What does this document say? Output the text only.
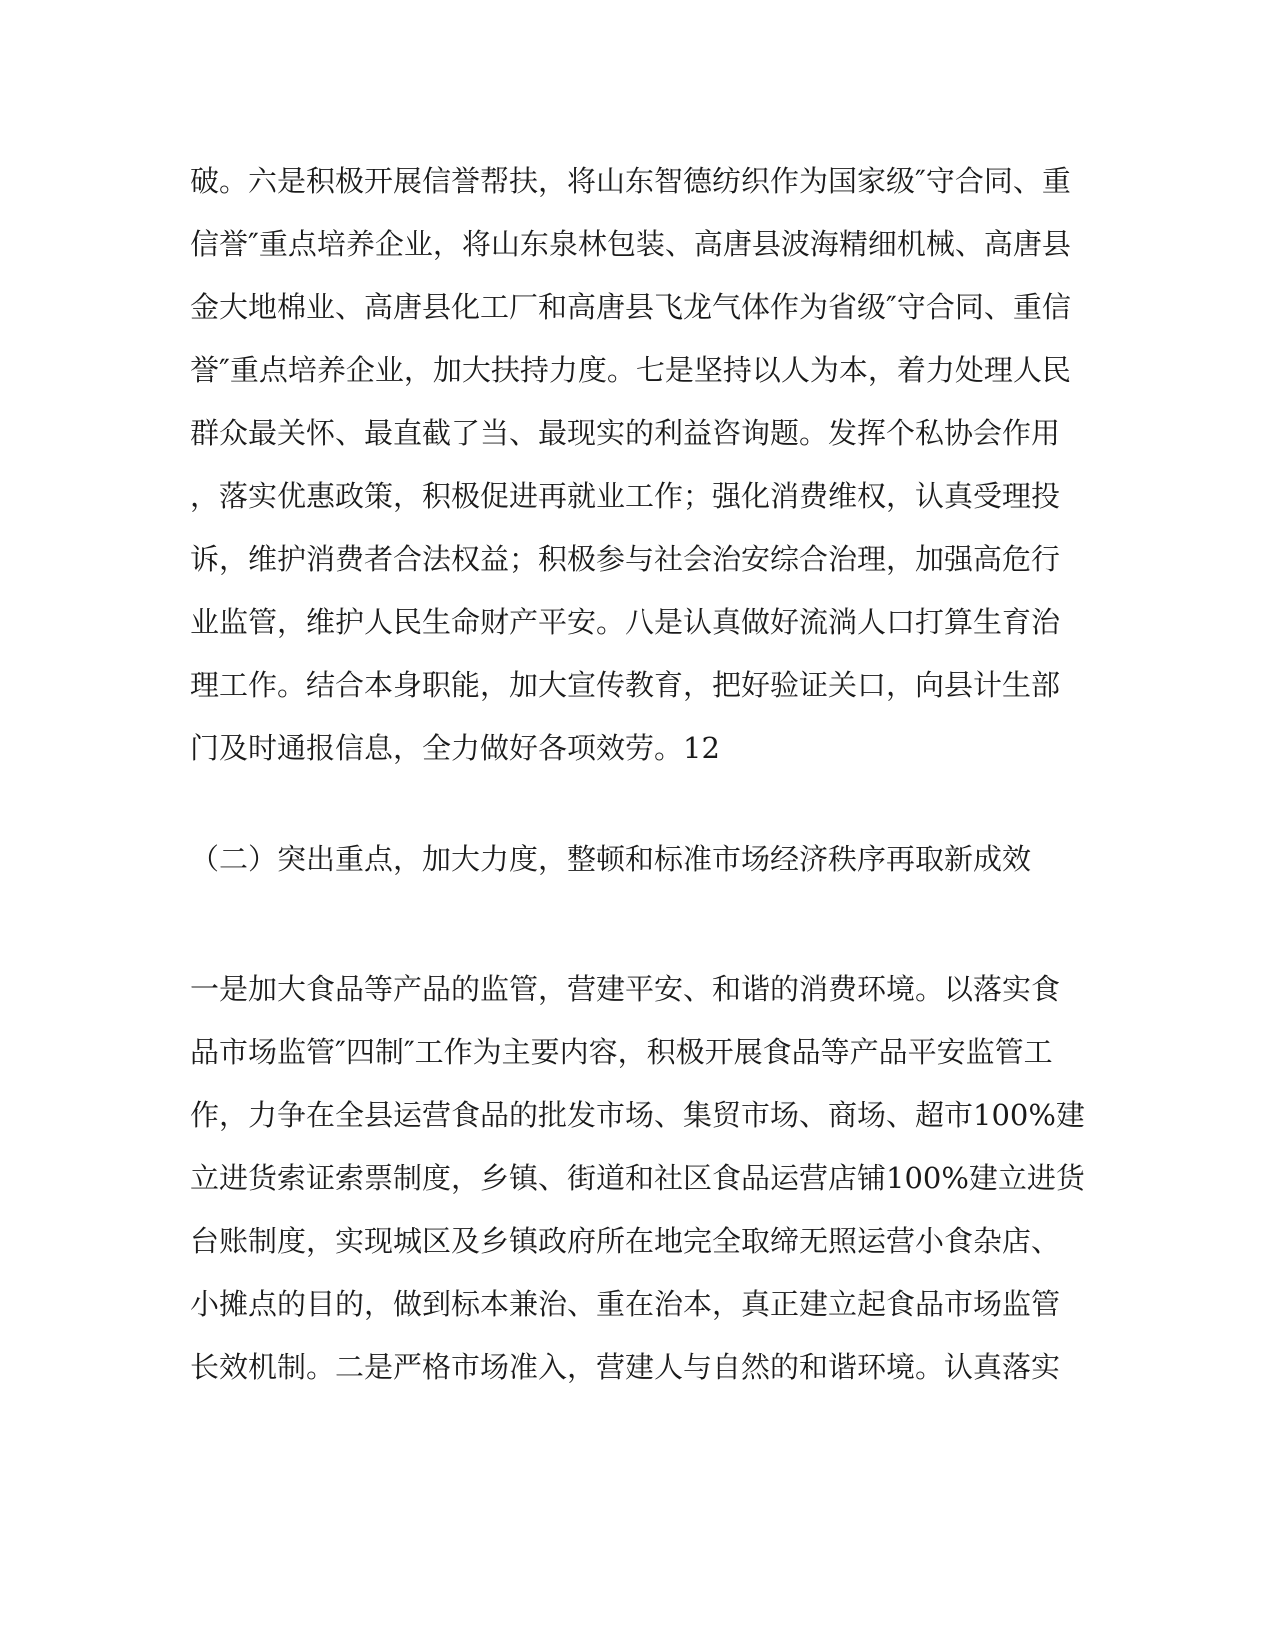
破。六是积极开展信誉帮扶，将山东智德纺织作为国家级″守合同、重
信誉″重点培养企业，将山东泉林包装、高唐县波海精细机械、高唐县
金大地棉业、高唐县化工厂和高唐县飞龙气体作为省级″守合同、重信
誉″重点培养企业，加大扶持力度。七是坚持以人为本，着力处理人民
群众最关怀、最直截了当、最现实的利益咨询题。发挥个私协会作用
，落实优惠政策，积极促进再就业工作；强化消费维权，认真受理投
诉，维护消费者合法权益；积极参与社会治安综合治理，加强高危行
业监管，维护人民生命财产平安。八是认真做好流淌人口打算生育治
理工作。结合本身职能，加大宣传教育，把好验证关口，向县计生部
门及时通报信息，全力做好各项效劳。12
（二）突出重点，加大力度，整顿和标准市场经济秩序再取新成效
一是加大食品等产品的监管，营建平安、和谐的消费环境。以落实食
品市场监管″四制″工作为主要内容，积极开展食品等产品平安监管工
作，力争在全县运营食品的批发市场、集贸市场、商场、超市100%建
立进货索证索票制度，乡镇、街道和社区食品运营店铺100%建立进货
台账制度，实现城区及乡镇政府所在地完全取缔无照运营小食杂店、
小摊点的目的，做到标本兼治、重在治本，真正建立起食品市场监管
长效机制。二是严格市场准入，营建人与自然的和谐环境。认真落实
